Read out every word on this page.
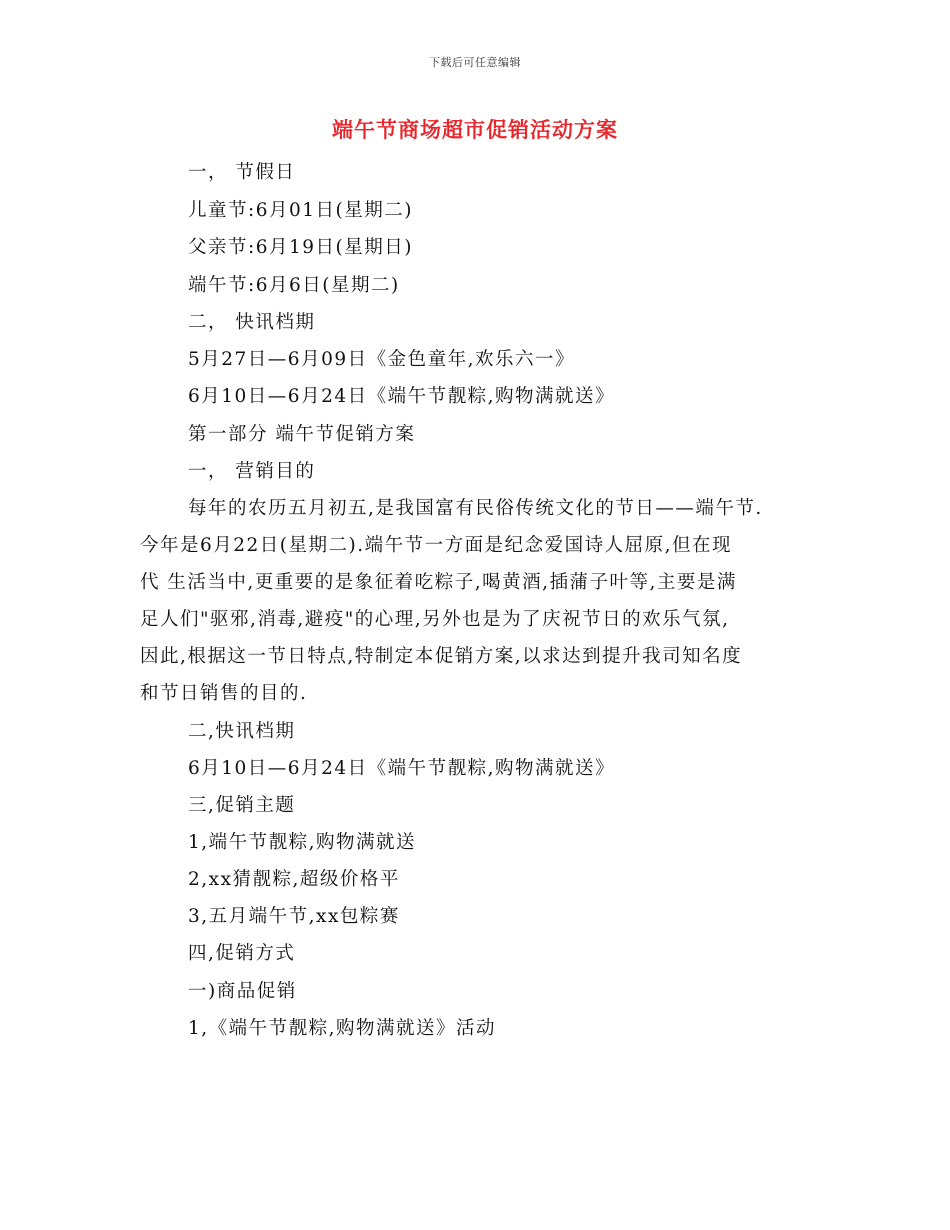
下载后可任意编辑
端午节商场超市促销活动方案
一， 节假日
儿童节:6月01日(星期二)
父亲节:6月19日(星期日)
端午节:6月6日(星期二)
二， 快讯档期
5月27日—6月09日《金色童年,欢乐六一》
6月10日—6月24日《端午节靓粽,购物满就送》
第一部分 端午节促销方案
一， 营销目的
每年的农历五月初五,是我国富有民俗传统文化的节日——端午节.
今年是6月22日(星期二).端午节一方面是纪念爱国诗人屈原,但在现
代 生活当中,更重要的是象征着吃粽子,喝黄酒,插蒲子叶等,主要是满
足人们"驱邪,消毒,避疫"的心理,另外也是为了庆祝节日的欢乐气氛,
因此,根据这一节日特点,特制定本促销方案,以求达到提升我司知名度
和节日销售的目的.
二,快讯档期
6月10日—6月24日《端午节靓粽,购物满就送》
三,促销主题
1,端午节靓粽,购物满就送
2,xx猜靓粽,超级价格平
3,五月端午节,xx包粽赛
四,促销方式
一)商品促销
1,《端午节靓粽,购物满就送》活动
